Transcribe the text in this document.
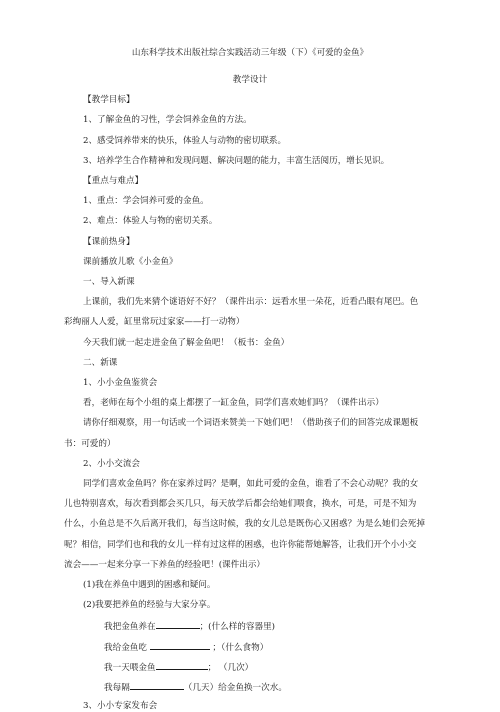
山东科学技术出版社综合实践活动三年级（下）《可爱的金鱼》
教学设计
【教学目标】
1、了解金鱼的习性，学会饲养金鱼的方法。
2、感受饲养带来的快乐，体验人与动物的密切联系。
3、培养学生合作精神和发现问题、解决问题的能力，丰富生活阅历，增长见识。
【重点与难点】
1、重点：学会饲养可爱的金鱼。
2、难点：体验人与物的密切关系。
【课前热身】
课前播放儿歌《小金鱼》
一、导入新课
上课前，我们先来猜个谜语好不好？（课件出示：远看水里一朵花，近看凸眼有尾巴。色
彩绚丽人人爱，缸里常玩过家家——打一动物）
今天我们就一起走进金鱼了解金鱼吧！（板书：金鱼）
二、新课
1、小小金鱼鉴赏会
看，老师在每个小组的桌上都摆了一缸金鱼，同学们喜欢她们吗？（课件出示）
请你仔细观察，用一句话或一个词语来赞美一下她们吧！（借助孩子们的回答完成课题板
书：可爱的）
2、小小交流会
同学们喜欢金鱼吗？你在家养过吗？是啊，如此可爱的金鱼，谁看了不会心动呢？我的女
儿也特别喜欢，每次看到都会买几只，每天放学后都会给她们喂食，换水，可是，可是不知为
什么，小鱼总是不久后离开我们，每当这时候，我的女儿总是既伤心又困惑？为是么她们会死掉
呢？相信，同学们也和我的女儿一样有过这样的困惑，也许你能帮她解答，让我们开个小小交
流会——一起来分享一下养鱼的经验吧！(课件出示）
(1)我在养鱼中遇到的困惑和疑问。
(2)我要把养鱼的经验与大家分享。
我把金鱼养在	；(什么样的容器里)
我给金鱼吃	；（什么食物）
我一天喂金鱼	； （几次）
我每隔	（几天）给金鱼换一次水。
3、小小专家发布会
